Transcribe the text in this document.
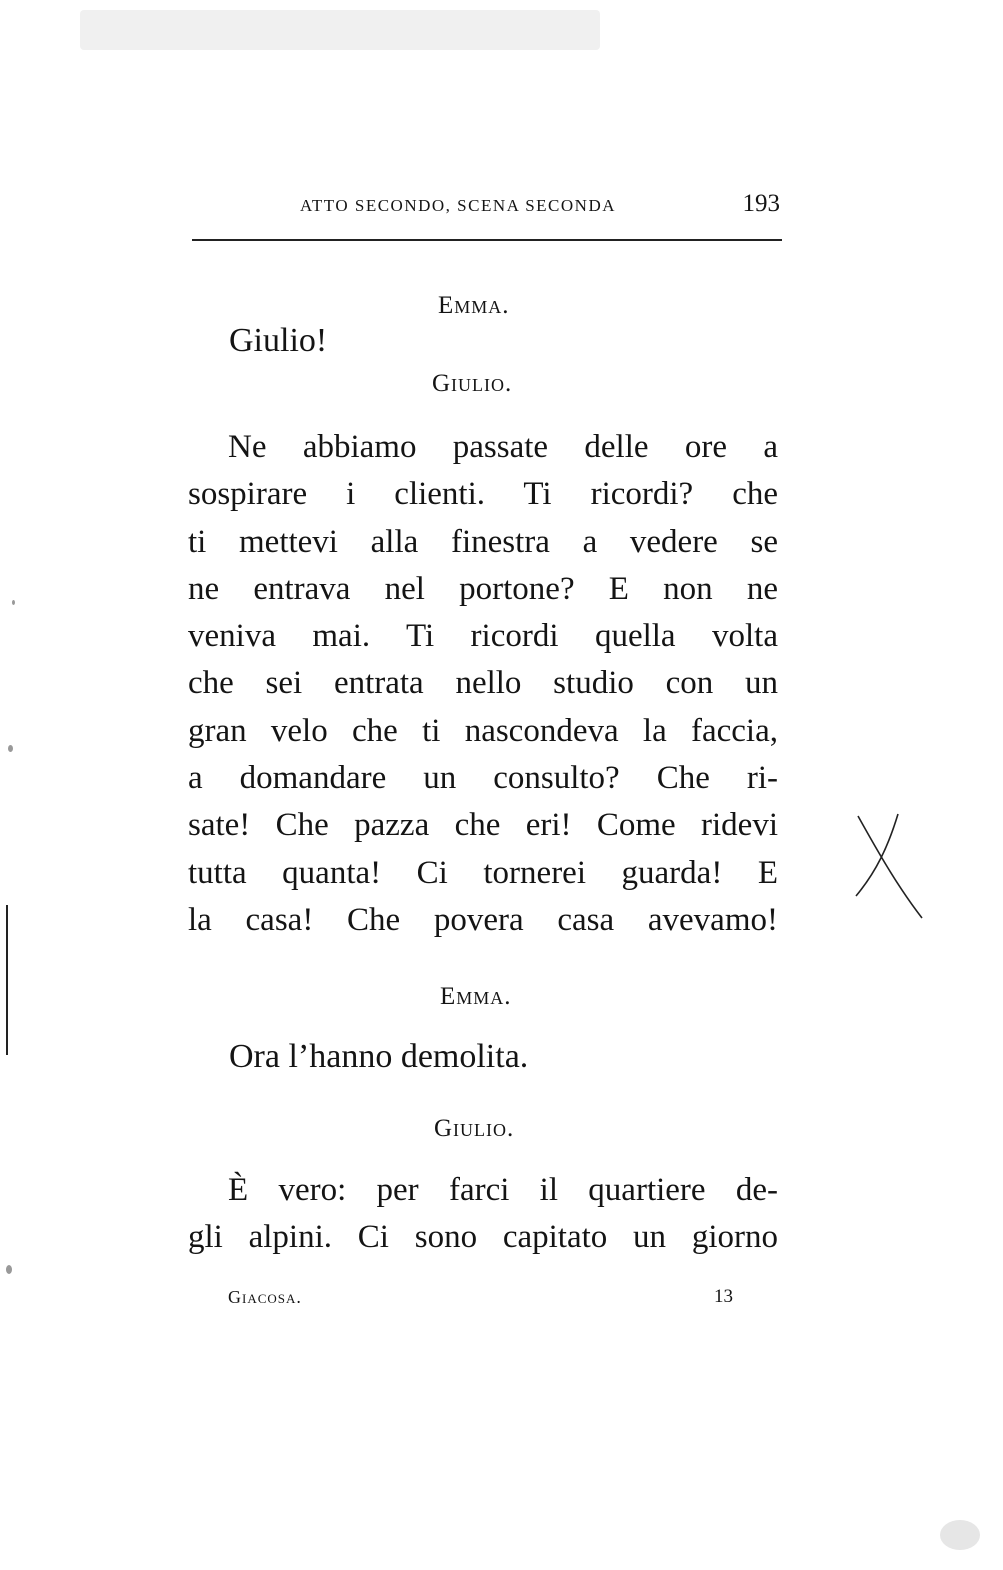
ATTO SECONDO, SCENA SECONDA	193
Emma.
Giulio!
Giulio.
Ne abbiamo passate delle ore a
sospirare i clienti. Ti ricordi? che
ti mettevi alla finestra a vedere se
ne entrava nel portone? E non ne
veniva mai. Ti ricordi quella volta
che sei entrata nello studio con un
gran velo che ti nascondeva la faccia,
a domandare un consulto? Che ri-
sate! Che pazza che eri! Come ridevi
tutta quanta! Ci tornerei guarda! E
la casa! Che povera casa avevamo!
Emma.
Ora l’hanno demolita.
Giulio.
È vero: per farci il quartiere de-
gli alpini. Ci sono capitato un giorno
Giacosa.	13
